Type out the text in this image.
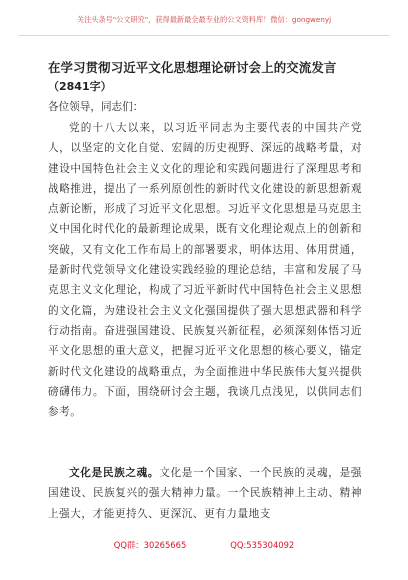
关注头条号"公文研究"，获得最新最全最专业的公文资料库！微信：gongwenyj
在学习贯彻习近平文化思想理论研讨会上的交流发言
（2841字）
各位领导，同志们：

党的十八大以来，以习近平同志为主要代表的中国共产党人，以坚定的文化自觉、宏阔的历史视野、深远的战略考量，对建设中国特色社会主义文化的理论和实践问题进行了深理思考和战略推进，提出了一系列原创性的新时代文化建设的新思想新观点新论断，形成了习近平文化思想。习近平文化思想是马克思主义中国化时代化的最新理论成果，既有文化理论观点上的创新和突破，又有文化工作布局上的部署要求，明体达用、体用贯通，是新时代党领导文化建设实践经验的理论总结，丰富和发展了马克思主义文化理论，构成了习近平新时代中国特色社会主义思想的文化篇，为建设社会主义文化强国提供了强大思想武器和科学行动指南。奋进强国建设、民族复兴新征程，必须深刻体悟习近平文化思想的重大意义，把握习近平文化思想的核心要义，锚定新时代文化建设的战略重点，为全面推进中华民族伟大复兴提供磅礴伟力。下面，围绕研讨会主题，我谈几点浅见，以供同志们参考。

文化是民族之魂。文化是一个国家、一个民族的灵魂，是强国建设、民族复兴的强大精神力量。一个民族精神上主动、精神上强大，才能更持久、更深沉、更有力量地支

QQ群：30265665	QQ:535304092
